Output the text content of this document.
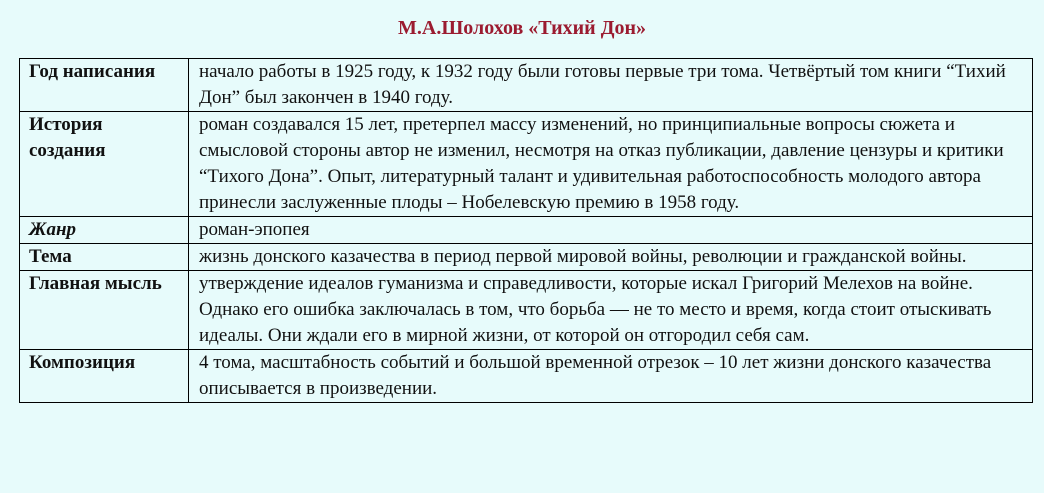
М.А.Шолохов «Тихий Дон»
Год написания	начало работы в 1925 году, к 1932 году были готовы первые три тома. Четвёртый том книги “Тихий Дон” был закончен в 1940 году.
История создания	роман создавался 15 лет, претерпел массу изменений, но принципиальные вопросы сюжета и смысловой стороны автор не изменил, несмотря на отказ публикации, давление цензуры и критики “Тихого Дона”. Опыт, литературный талант и удивительная работоспособность молодого автора принесли заслуженные плоды – Нобелевскую премию в 1958 году.
Жанр	роман-эпопея
Тема	жизнь донского казачества в период первой мировой войны, революции и гражданской войны.
Главная мысль	утверждение идеалов гуманизма и справедливости, которые искал Григорий Мелехов на войне. Однако его ошибка заключалась в том, что борьба — не то место и время, когда стоит отыскивать идеалы. Они ждали его в мирной жизни, от которой он отгородил себя сам.
Композиция	4 тома, масштабность событий и большой временной отрезок – 10 лет жизни донского казачества описывается в произведении.
